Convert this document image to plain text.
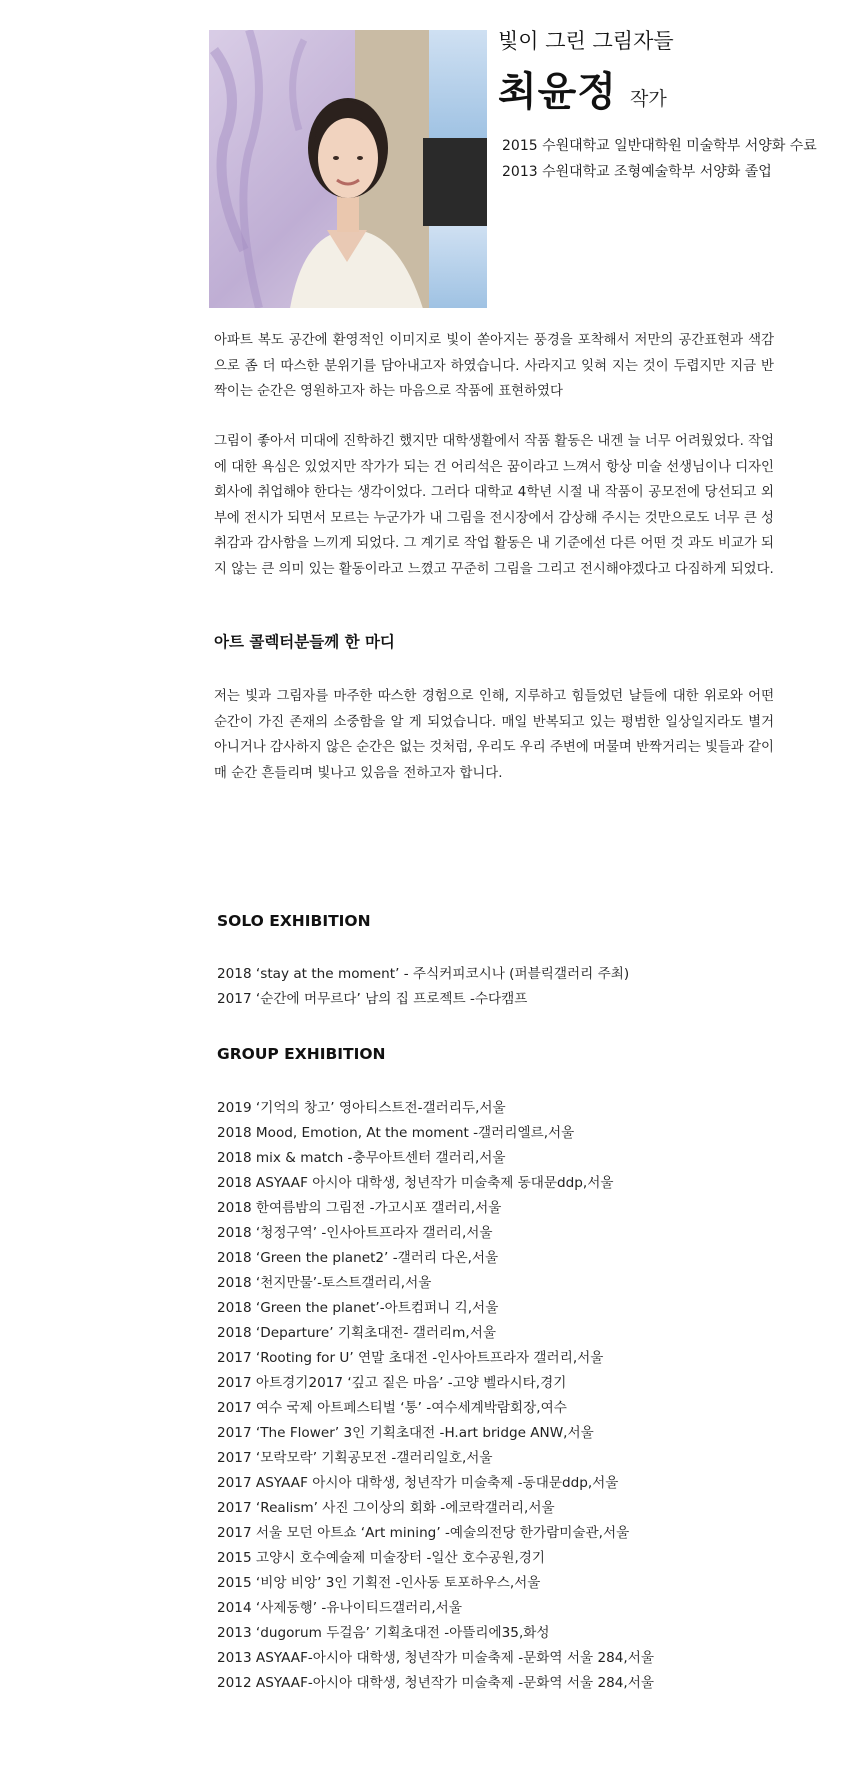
빛이 그린 그림자들
최윤정 작가
2015 수원대학교 일반대학원 미술학부 서양화 수료
2013 수원대학교 조형예술학부 서양화 졸업

아파트 복도 공간에 환영적인 이미지로 빛이 쏟아지는 풍경을 포착해서 저만의 공간표현과 색감으로 좀 더 따스한 분위기를 담아내고자 하였습니다. 사라지고 잊혀 지는 것이 두렵지만 지금 반짝이는 순간은 영원하고자 하는 마음으로 작품에 표현하였다

그림이 좋아서 미대에 진학하긴 했지만 대학생활에서 작품 활동은 내겐 늘 너무 어려웠었다. 작업에 대한 욕심은 있었지만 작가가 되는 건 어리석은 꿈이라고 느껴서 항상 미술 선생님이나 디자인 회사에 취업해야 한다는 생각이었다. 그러다 대학교 4학년 시절 내 작품이 공모전에 당선되고 외부에 전시가 되면서 모르는 누군가가 내 그림을 전시장에서 감상해 주시는 것만으로도 너무 큰 성취감과 감사함을 느끼게 되었다. 그 계기로 작업 활동은 내 기준에선 다른 어떤 것 과도 비교가 되지 않는 큰 의미 있는 활동이라고 느꼈고 꾸준히 그림을 그리고 전시해야겠다고 다짐하게 되었다.

아트 콜렉터분들께 한 마디

저는 빛과 그림자를 마주한 따스한 경험으로 인해, 지루하고 힘들었던 날들에 대한 위로와 어떤 순간이 가진 존재의 소중함을 알 게 되었습니다. 매일 반복되고 있는 평범한 일상일지라도 별거 아니거나 감사하지 않은 순간은 없는 것처럼, 우리도 우리 주변에 머물며 반짝거리는 빛들과 같이 매 순간 흔들리며 빛나고 있음을 전하고자 합니다.

SOLO EXHIBITION
2018 ‘stay at the moment’ - 주식커피코시나 (퍼블릭갤러리 주최)
2017 ‘순간에 머무르다’ 남의 집 프로젝트 -수다캠프
GROUP EXHIBITION
2019 ‘기억의 창고’ 영아티스트전-갤러리두,서울
2018 Mood, Emotion, At the moment -갤러리엘르,서울
2018 mix & match -충무아트센터 갤러리,서울
2018 ASYAAF 아시아 대학생, 청년작가 미술축제 동대문ddp,서울
2018 한여름밤의 그림전 -가고시포 갤러리,서울
2018 ‘청정구역’ -인사아트프라자 갤러리,서울
2018 ‘Green the planet2’ -갤러리 다온,서울
2018 ‘천지만물’-토스트갤러리,서울
2018 ‘Green the planet’-아트컴퍼니 긱,서울
2018 ‘Departure’ 기획초대전- 갤러리m,서울
2017 ‘Rooting for U’ 연말 초대전 -인사아트프라자 갤러리,서울
2017 아트경기2017 ‘깊고 짙은 마음’ -고양 벨라시타,경기
2017 여수 국제 아트페스티벌 ‘통’ -여수세계박람회장,여수
2017 ‘The Flower’ 3인 기획초대전 -H.art bridge ANW,서울
2017 ‘모락모락’ 기획공모전 -갤러리일호,서울
2017 ASYAAF 아시아 대학생, 청년작가 미술축제 -동대문ddp,서울
2017 ‘Realism’ 사진 그이상의 회화 -에코락갤러리,서울
2017 서울 모던 아트쇼 ‘Art mining’ -예술의전당 한가람미술관,서울
2015 고양시 호수예술제 미술장터 -일산 호수공원,경기
2015 ‘비앙 비앙’ 3인 기획전 -인사동 토포하우스,서울
2014 ‘사제동행’ -유나이티드갤러리,서울
2013 ‘dugorum 두걸음’ 기획초대전 -아뜰리에35,화성
2013 ASYAAF-아시아 대학생, 청년작가 미술축제 -문화역 서울 284,서울
2012 ASYAAF-아시아 대학생, 청년작가 미술축제 -문화역 서울 284,서울
